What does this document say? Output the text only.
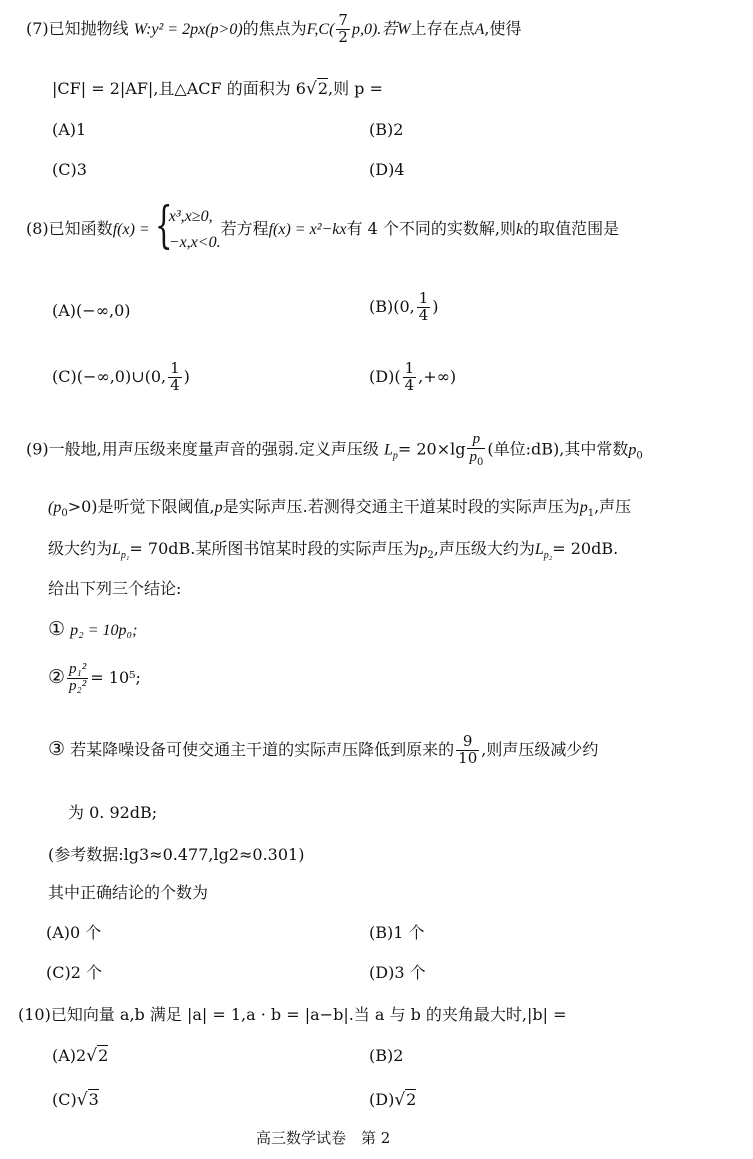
(7)已知抛物线 W:y² = 2px(p>0)的焦点为$F,C( \frac{7}{2} p,0)$.若W上存在点A,使得
|CF| = 2|AF|,且△ACF 的面积为 6√2,则 p =
(A)1	(B)2
(C)3	(D)4
(8)已知函数f(x) = {
x³,x≥0,
−x,x<0.
若方程f(x) = x²−kx有 4 个不同的实数解,则k的取值范围是
(A)(−∞,0)	(B)(0, $\frac{1}{4}$ )
(C)(−∞,0)∪(0, $\frac{1}{4}$ )	$(D)( \frac{1}{4}$ ,+∞)
(9)一般地,用声压级来度量声音的强弱.定义声压级 $L_p= 20\times\lg \frac{p}{p_0}$ (单位:dB),其中常数$p_0$
$(p_0>0)$是听觉下限阈值,p是实际声压.若测得交通主干道某时段的实际声压为$p_1$,声压
级大约为$L_{p_1}= 70dB$.某所图书馆某时段的实际声压为$p_2$,声压级大约为$L_{p_2}= 20dB$.
给出下列三个结论:
① p₂ = 10p₀;
② $\frac{\text{p₁²}}{\text{p₂²}} = 10^5$;
③ 若某降噪设备可使交通主干道的实际声压降低到原来的 $\frac{9}{10}$ ,则声压级减少约
为 0. 92dB;
(参考数据:lg3≈0.477,lg2≈0.301)
其中正确结论的个数为
(A)0 个	(B)1 个
(C)2 个	(D)3 个
(10)已知向量 a,b 满足 |a| = 1,a · b = |a−b|.当 a 与 b 的夹角最大时,|b| =
(A)2√2	(B)2
(C)√3	(D)√2
高三数学试卷　第 2
